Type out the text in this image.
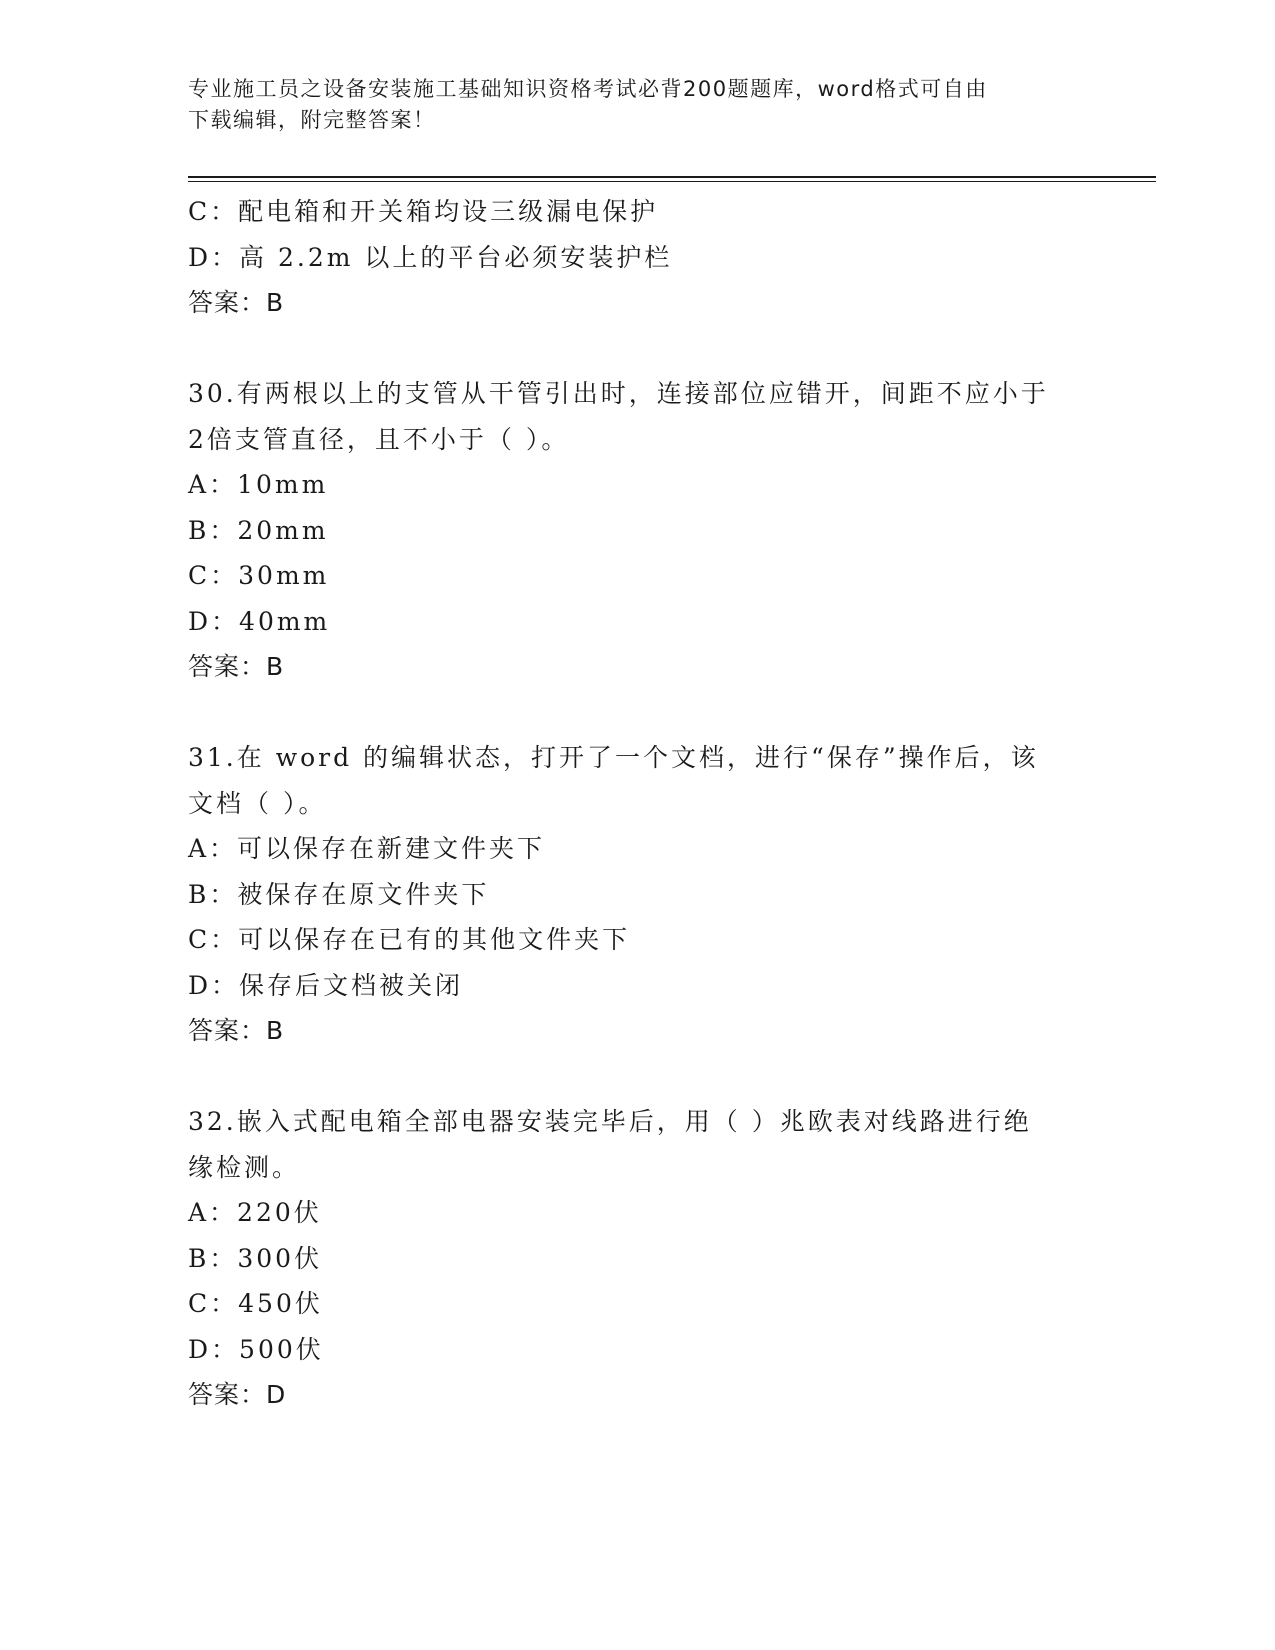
专业施工员之设备安装施工基础知识资格考试必背200题题库，word格式可自由
下载编辑，附完整答案！
C：配电箱和开关箱均设三级漏电保护
D：高 2.2m 以上的平台必须安装护栏
答案：B
30.有两根以上的支管从干管引出时，连接部位应错开，间距不应小于
2倍支管直径，且不小于（ ）。
A：10mm
B：20mm
C：30mm
D：40mm
答案：B
31.在 word 的编辑状态，打开了一个文档，进行“保存”操作后，该
文档（ ）。
A：可以保存在新建文件夹下
B：被保存在原文件夹下
C：可以保存在已有的其他文件夹下
D：保存后文档被关闭
答案：B
32.嵌入式配电箱全部电器安装完毕后，用（ ）兆欧表对线路进行绝
缘检测。
A：220伏
B：300伏
C：450伏
D：500伏
答案：D
